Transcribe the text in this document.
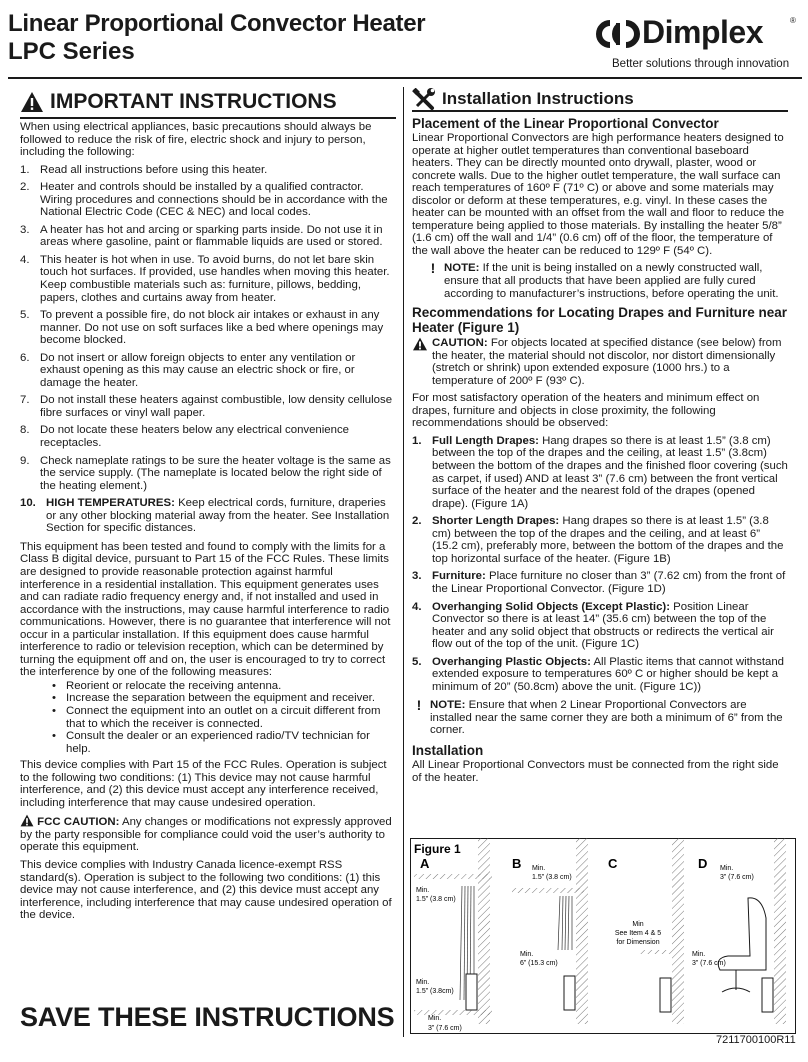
Linear Proportional Convector Heater
LPC Series
Dimplex	®
Better solutions through innovation
IMPORTANT INSTRUCTIONS

When using electrical appliances, basic precautions should always be followed to reduce the risk of fire, electric shock and injury to person, including the following:

1. Read all instructions before using this heater.
2. Heater and controls should be installed by a qualified contractor. Wiring procedures and connections should be in accordance with the National Electric Code (CEC & NEC) and local codes.
3. A heater has hot and arcing or sparking parts inside. Do not use it in areas where gasoline, paint or flammable liquids are used or stored.
4. This heater is hot when in use. To avoid burns, do not let bare skin touch hot surfaces. If provided, use handles when moving this heater. Keep combustible materials such as: furniture, pillows, bedding, papers, clothes and curtains away from heater.
5. To prevent a possible fire, do not block air intakes or exhaust in any manner. Do not use on soft surfaces like a bed where openings may become blocked.
6. Do not insert or allow foreign objects to enter any ventilation or exhaust opening as this may cause an electric shock or fire, or damage the heater.
7. Do not install these heaters against combustible, low density cellulose fibre surfaces or vinyl wall paper.
8. Do not locate these heaters below any electrical convenience receptacles.
9. Check nameplate ratings to be sure the heater voltage is the same as the service supply. (The nameplate is located below the right side of the heating element.)
10. HIGH TEMPERATURES: Keep electrical cords, furniture, draperies or any other blocking material away from the heater. See Installation Section for specific distances.

This equipment has been tested and found to comply with the limits for a Class B digital device, pursuant to Part 15 of the FCC Rules. These limits are designed to provide reasonable protection against harmful interference in a residential installation. This equipment generates uses and can radiate radio frequency energy and, if not installed and used in accordance with the instructions, may cause harmful interference to radio communications. However, there is no guarantee that interference will not occur in a particular installation. If this equipment does cause harmful interference to radio or television reception, which can be determined by turning the equipment off and on, the user is encouraged to try to correct the interference by one of the following measures:

• Reorient or relocate the receiving antenna.
• Increase the separation between the equipment and receiver.
• Connect the equipment into an outlet on a circuit different from that to which the receiver is connected.
• Consult the dealer or an experienced radio/TV technician for help.

This device complies with Part 15 of the FCC Rules. Operation is subject to the following two conditions: (1) This device may not cause harmful interference, and (2) this device must accept any interference received, including interference that may cause undesired operation.

FCC CAUTION: Any changes or modifications not expressly approved by the party responsible for compliance could void the user’s authority to operate this equipment.

This device complies with Industry Canada licence-exempt RSS standard(s). Operation is subject to the following two conditions: (1) this device may not cause interference, and (2) this device must accept any interference, including interference that may cause undesired operation of the device.

SAVE THESE INSTRUCTIONS
Installation Instructions
Placement of the Linear Proportional Convector

Linear Proportional Convectors are high performance heaters designed to operate at higher outlet temperatures than conventional baseboard heaters. They can be directly mounted onto drywall, plaster, wood or concrete walls. Due to the higher outlet temperature, the wall surface can reach temperatures of 160º F (71º C) or above and some materials may discolor or deform at these temperatures, e.g. vinyl. In these cases the heater can be mounted with an offset from the wall and floor to reduce the temperature being applied to those materials. By installing the heater 5/8” (1.6 cm) off the wall and 1/4” (0.6 cm) off of the floor, the temperature of the wall above the heater can be reduced to 129º F (54º C).

! NOTE: If the unit is being installed on a newly constructed wall, ensure that all products that have been applied are fully cured according to manufacturer’s instructions, before operating the unit.
Recommendations for Locating Drapes and Furniture near Heater (Figure 1)
CAUTION: For objects located at specified distance (see below) from the heater, the material should not discolor, nor distort dimensionally (stretch or shrink) upon extended exposure (1000 hrs.) to a temperature of 200º F (93º C).

For most satisfactory operation of the heaters and minimum effect on drapes, furniture and objects in close proximity, the following recommendations should be observed:

1. Full Length Drapes: Hang drapes so there is at least 1.5” (3.8 cm) between the top of the drapes and the ceiling, at least 1.5” (3.8cm) between the bottom of the drapes and the finished floor covering (such as carpet, if used) AND at least 3” (7.6 cm) between the front vertical surface of the heater and the nearest fold of the drapes (opened drape). (Figure 1A)
2. Shorter Length Drapes: Hang drapes so there is at least 1.5” (3.8 cm) between the top of the drapes and the ceiling, and at least 6” (15.2 cm), preferably more, between the bottom of the drapes and the top horizontal surface of the heater. (Figure 1B)
3. Furniture: Place furniture no closer than 3” (7.62 cm) from the front of the Linear Proportional Convector. (Figure 1D)
4. Overhanging Solid Objects (Except Plastic): Position Linear Convector so there is at least 14” (35.6 cm) between the top of the heater and any solid object that obstructs or redirects the vertical air flow out of the top of the unit. (Figure 1C)
5. Overhanging Plastic Objects: All Plastic items that cannot withstand extended exposure to temperatures 60º C or higher should be kept a minimum of 20” (50.8cm) above the unit. (Figure 1C))
! NOTE: Ensure that when 2 Linear Proportional Convectors are installed near the same corner they are both a minimum of 6” from the corner.
Installation

All Linear Proportional Convectors must be connected from the right side of the heater.

Figure 1
A
Min.
1.5” (3.8 cm)
Min.
1.5” (3.8cm)
Min.
3” (7.6 cm)
B Min.
1.5” (3.8 cm)
Min.
6” (15.3 cm)
C
Min
See Item 4 & 5
for Dimension
D Min.
3” (7.6 cm)
Min.
3” (7.6 cm)
7211700100R11
